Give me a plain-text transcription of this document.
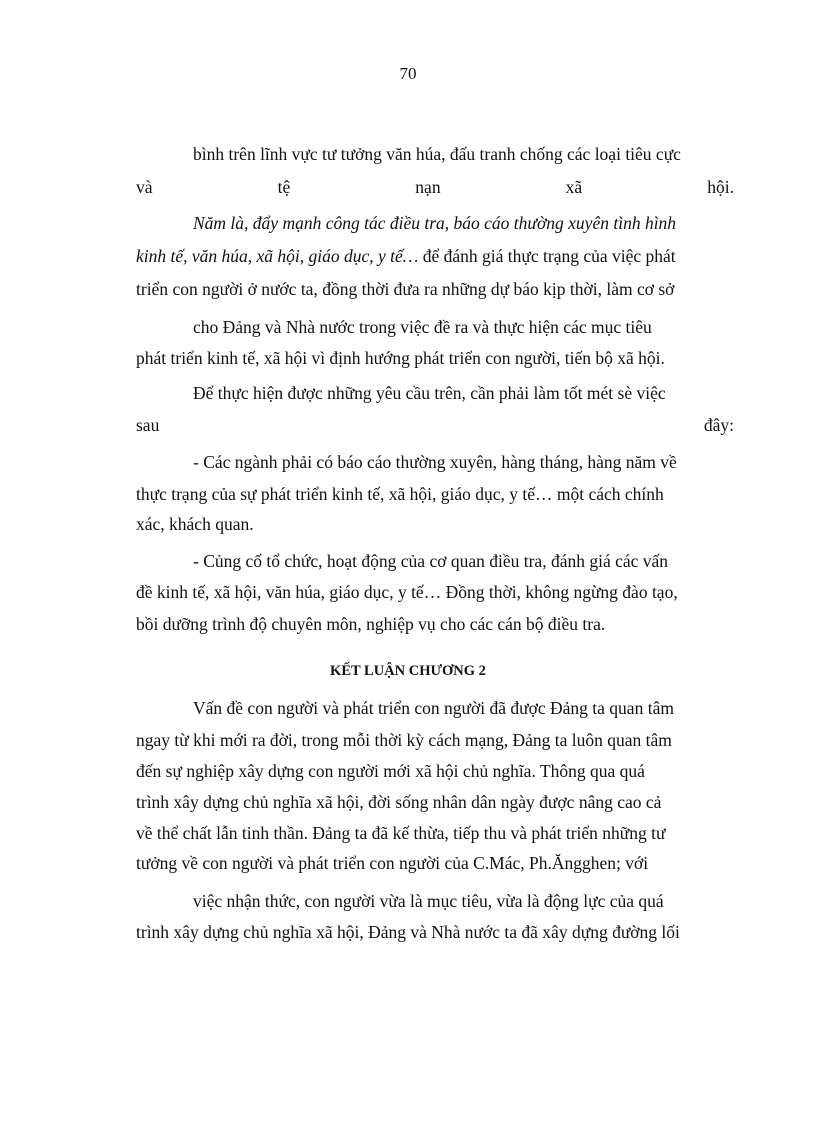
70
bình trên lĩnh vực tư tưởng văn húa, đấu tranh chống các loại tiêu cực
và	tệ	nạn	xã	hội.
Năm là, đẩy mạnh công tác điều tra, báo cáo thường xuyên tình hình
kinh tế, văn húa, xã hội, giáo dục, y tế… để đánh giá thực trạng của việc phát
triển con người ở nước ta, đồng thời đưa ra những dự báo kịp thời, làm cơ sở
cho Đảng và Nhà nước trong việc đề ra và thực hiện các mục tiêu
phát triển kinh tế, xã hội vì định hướng phát triển con người, tiến bộ xã hội.
Để thực hiện được những yêu cầu trên, cần phải làm tốt mét sè việc
sau	đây:
- Các ngành phải có báo cáo thường xuyên, hàng tháng, hàng năm về
thực trạng của sự phát triển kinh tế, xã hội, giáo dục, y tế… một cách chính
xác, khách quan.
- Củng cố tổ chức, hoạt động của cơ quan điều tra, đánh giá các vấn
đề kinh tế, xã hội, văn húa, giáo dục, y tế… Đồng thời, không ngừng đào tạo,
bồi dưỡng trình độ chuyên môn, nghiệp vụ cho các cán bộ điều tra.
KẾT LUẬN CHƯƠNG 2
Vấn đề con người và phát triển con người đã được Đảng ta quan tâm
ngay từ khi mới ra đời, trong mỗi thời kỳ cách mạng, Đảng ta luôn quan tâm
đến sự nghiệp xây dựng con người mới xã hội chủ nghĩa. Thông qua quá
trình xây dựng chủ nghĩa xã hội, đời sống nhân dân ngày được nâng cao cả
về thể chất lẫn tinh thần. Đảng ta đã kế thừa, tiếp thu và phát triển những tư
tưởng về con người và phát triển con người của C.Mác, Ph.Ăngghen; với
việc nhận thức, con người vừa là mục tiêu, vừa là động lực của quá
trình xây dựng chủ nghĩa xã hội, Đảng và Nhà nước ta đã xây dựng đường lối
